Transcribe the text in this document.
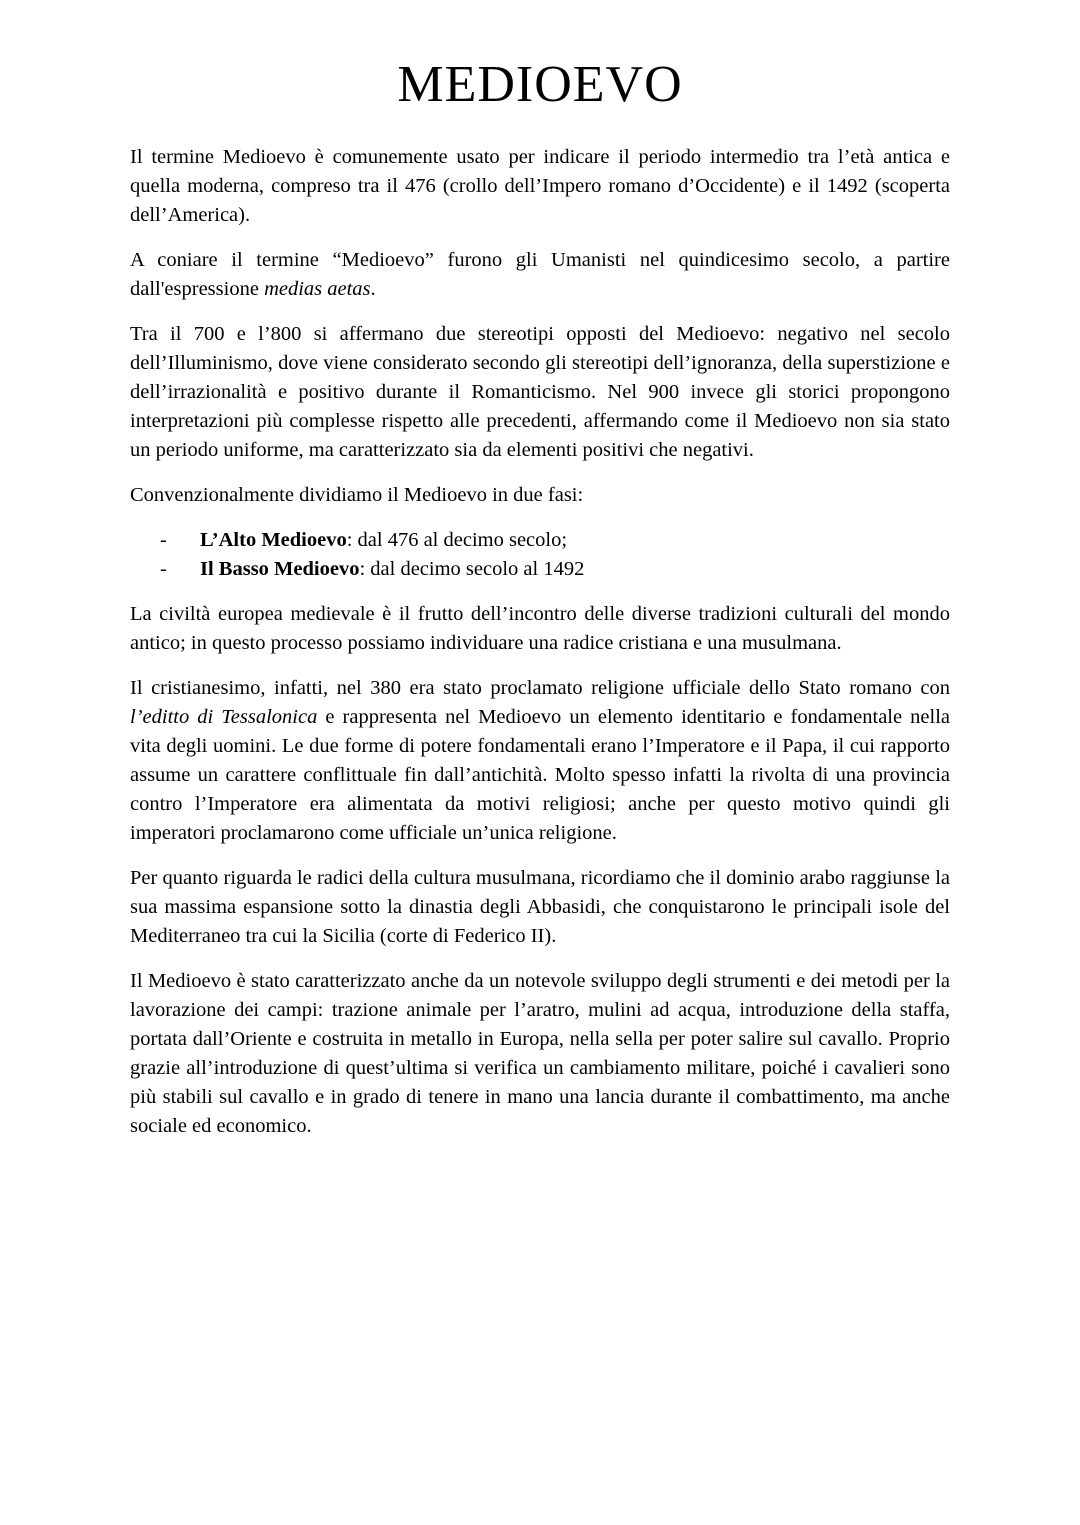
MEDIOEVO

Il termine Medioevo è comunemente usato per indicare il periodo intermedio tra l’età antica e quella moderna, compreso tra il 476 (crollo dell’Impero romano d’Occidente) e il 1492 (scoperta dell’America).

A coniare il termine “Medioevo” furono gli Umanisti nel quindicesimo secolo, a partire dall'espressione medias aetas.

Tra il 700 e l’800 si affermano due stereotipi opposti del Medioevo: negativo nel secolo dell’Illuminismo, dove viene considerato secondo gli stereotipi dell’ignoranza, della superstizione e dell’irrazionalità e positivo durante il Romanticismo. Nel 900 invece gli storici propongono interpretazioni più complesse rispetto alle precedenti, affermando come il Medioevo non sia stato un periodo uniforme, ma caratterizzato sia da elementi positivi che negativi.

Convenzionalmente dividiamo il Medioevo in due fasi:

-	L’Alto Medioevo: dal 476 al decimo secolo;
-	Il Basso Medioevo: dal decimo secolo al 1492

La civiltà europea medievale è il frutto dell’incontro delle diverse tradizioni culturali del mondo antico; in questo processo possiamo individuare una radice cristiana e una musulmana.

Il cristianesimo, infatti, nel 380 era stato proclamato religione ufficiale dello Stato romano con l’editto di Tessalonica e rappresenta nel Medioevo un elemento identitario e fondamentale nella vita degli uomini. Le due forme di potere fondamentali erano l’Imperatore e il Papa, il cui rapporto assume un carattere conflittuale fin dall’antichità. Molto spesso infatti la rivolta di una provincia contro l’Imperatore era alimentata da motivi religiosi; anche per questo motivo quindi gli imperatori proclamarono come ufficiale un’unica religione.

Per quanto riguarda le radici della cultura musulmana, ricordiamo che il dominio arabo raggiunse la sua massima espansione sotto la dinastia degli Abbasidi, che conquistarono le principali isole del Mediterraneo tra cui la Sicilia (corte di Federico II).

Il Medioevo è stato caratterizzato anche da un notevole sviluppo degli strumenti e dei metodi per la lavorazione dei campi: trazione animale per l’aratro, mulini ad acqua, introduzione della staffa, portata dall’Oriente e costruita in metallo in Europa, nella sella per poter salire sul cavallo. Proprio grazie all’introduzione di quest’ultima si verifica un cambiamento militare, poiché i cavalieri sono più stabili sul cavallo e in grado di tenere in mano una lancia durante il combattimento, ma anche sociale ed economico.
